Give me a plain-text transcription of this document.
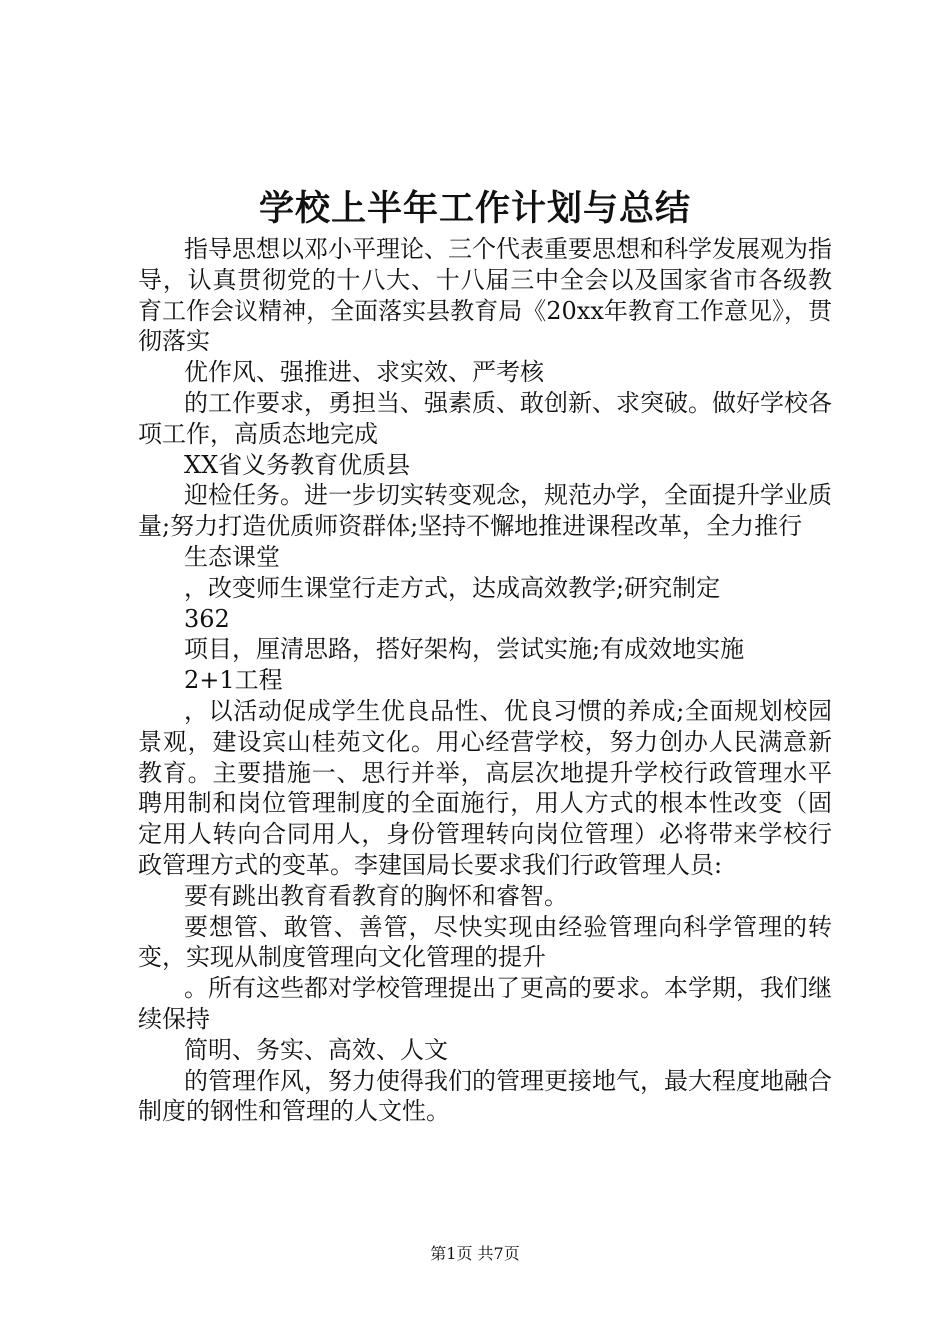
学校上半年工作计划与总结

指导思想以邓小平理论、三个代表重要思想和科学发展观为指导，认真贯彻党的十八大、十八届三中全会以及国家省市各级教育工作会议精神，全面落实县教育局《20xx年教育工作意见》，贯彻落实

优作风、强推进、求实效、严考核

的工作要求，勇担当、强素质、敢创新、求突破。做好学校各项工作，高质态地完成

XX省义务教育优质县

迎检任务。进一步切实转变观念，规范办学，全面提升学业质量;努力打造优质师资群体;坚持不懈地推进课程改革，全力推行

生态课堂

，改变师生课堂行走方式，达成高效教学;研究制定

362

项目，厘清思路，搭好架构，尝试实施;有成效地实施

2+1工程

，以活动促成学生优良品性、优良习惯的养成;全面规划校园景观，建设宾山桂苑文化。用心经营学校，努力创办人民满意新教育。主要措施一、思行并举，高层次地提升学校行政管理水平聘用制和岗位管理制度的全面施行，用人方式的根本性改变（固定用人转向合同用人，身份管理转向岗位管理）必将带来学校行政管理方式的变革。李建国局长要求我们行政管理人员:

要有跳出教育看教育的胸怀和睿智。

要想管、敢管、善管，尽快实现由经验管理向科学管理的转变，实现从制度管理向文化管理的提升

。所有这些都对学校管理提出了更高的要求。本学期，我们继续保持

简明、务实、高效、人文

的管理作风，努力使得我们的管理更接地气，最大程度地融合制度的钢性和管理的人文性。

第1页 共7页
